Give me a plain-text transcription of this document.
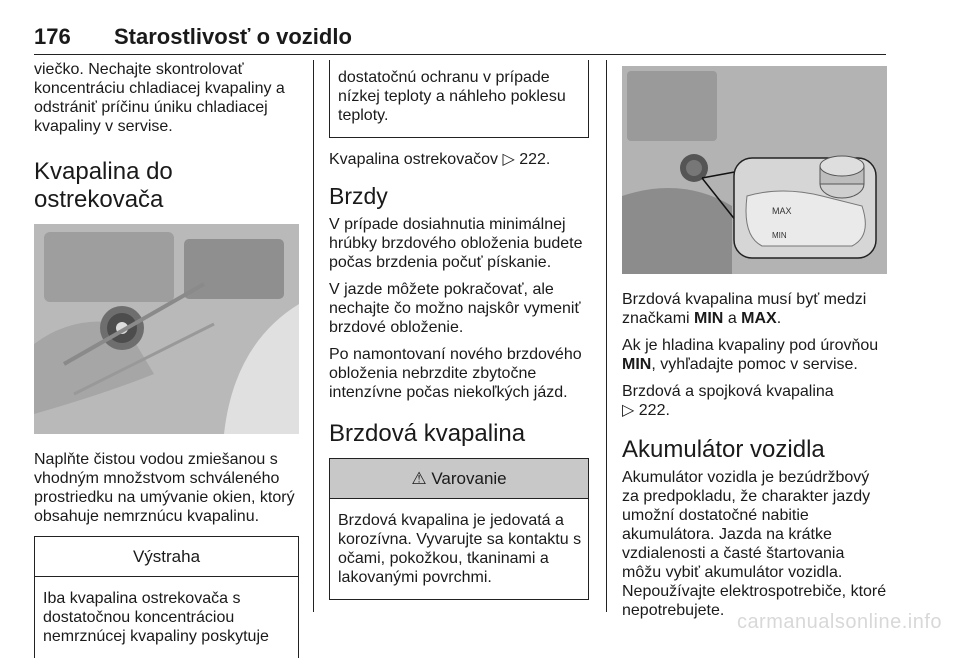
176 Starostlivosť o vozidlo

viečko. Nechajte skontrolovať koncentráciu chladiacej kvapaliny a odstrániť príčinu úniku chladiacej kvapaliny v servise.

Kvapalina do ostrekovača

Naplňte čistou vodou zmiešanou s vhodným množstvom schváleného prostriedku na umývanie okien, ktorý obsahuje nemrznúcu kvapalinu.

Výstraha
Iba kvapalina ostrekovača s dostatočnou koncentráciou nemrznúcej kvapaliny poskytuje
dostatočnú ochranu v prípade nízkej teploty a náhleho poklesu teploty.

Kvapalina ostrekovačov ▷ 222.

Brzdy

V prípade dosiahnutia minimálnej hrúbky brzdového obloženia budete počas brzdenia počuť pískanie.

V jazde môžete pokračovať, ale nechajte čo možno najskôr vymeniť brzdové obloženie.

Po namontovaní nového brzdového obloženia nebrzdite zbytočne intenzívne počas niekoľkých jázd.

Brzdová kvapalina
⚠ Varovanie
Brzdová kvapalina je jedovatá a korozívna. Vyvarujte sa kontaktu s očami, pokožkou, tkaninami a lakovanými povrchmi.
MAX
MIN

Brzdová kvapalina musí byť medzi značkami MIN a MAX.

Ak je hladina kvapaliny pod úrovňou MIN, vyhľadajte pomoc v servise.

Brzdová a spojková kvapalina
▷ 222.

Akumulátor vozidla

Akumulátor vozidla je bezúdržbový za predpokladu, že charakter jazdy umožní dostatočné nabitie akumulátora. Jazda na krátke vzdialenosti a časté štartovania môžu vybiť akumulátor vozidla.

Nepoužívajte elektrospotrebiče, ktoré nepotrebujete.

carmanualsonline.info
